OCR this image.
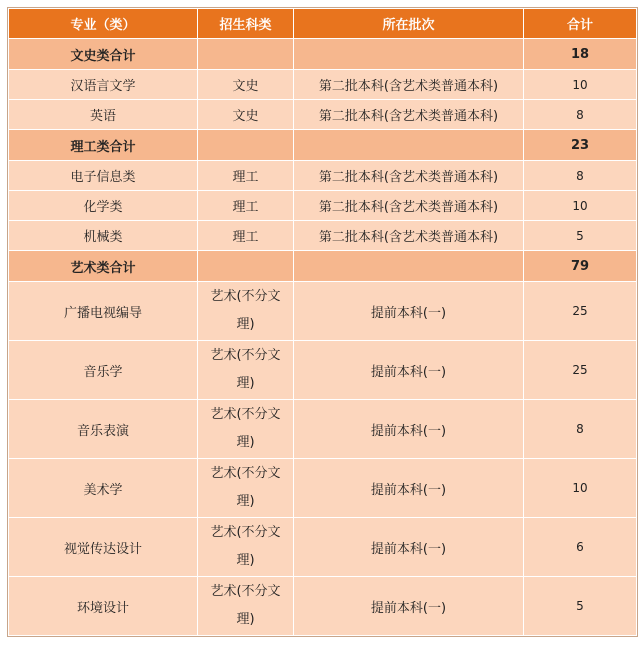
专业（类）	招生科类	所在批次	合计
文史类合计			18
汉语言文学	文史	第二批本科(含艺术类普通本科)	10
英语	文史	第二批本科(含艺术类普通本科)	8
理工类合计			23
电子信息类	理工	第二批本科(含艺术类普通本科)	8
化学类	理工	第二批本科(含艺术类普通本科)	10
机械类	理工	第二批本科(含艺术类普通本科)	5
艺术类合计			79
广播电视编导	艺术(不分文理)	提前本科(一)	25
音乐学	艺术(不分文理)	提前本科(一)	25
音乐表演	艺术(不分文理)	提前本科(一)	8
美术学	艺术(不分文理)	提前本科(一)	10
视觉传达设计	艺术(不分文理)	提前本科(一)	6
环境设计	艺术(不分文理)	提前本科(一)	5
